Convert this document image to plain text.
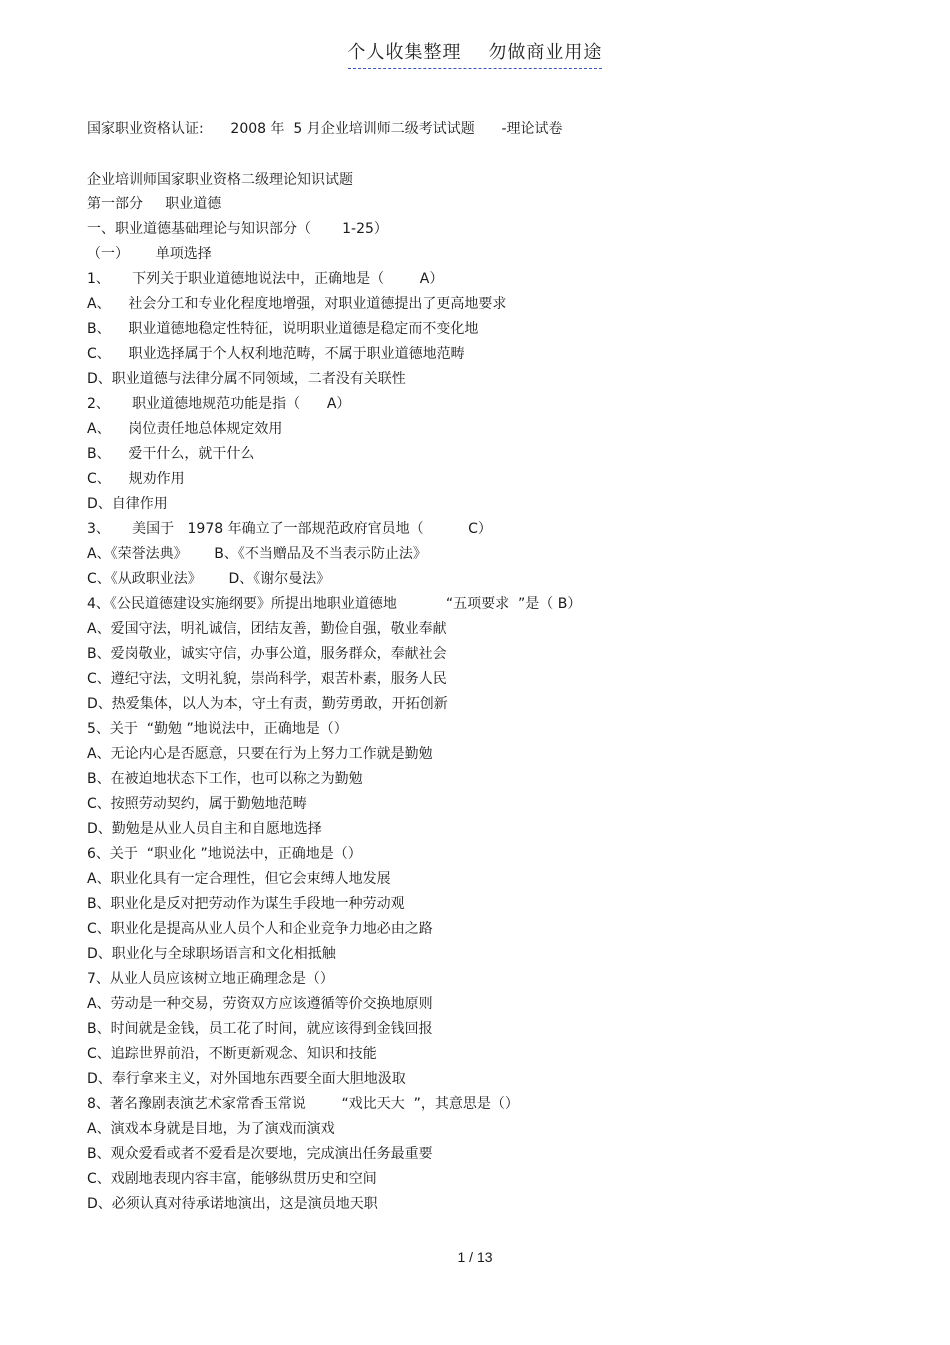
个人收集整理    勿做商业用途
国家职业资格认证:      2008 年  5 月企业培训师二级考试试题      -理论试卷
企业培训师国家职业资格二级理论知识试题
第一部分     职业道德
一、职业道德基础理论与知识部分（       1-25）
（一）      单项选择
1、     下列关于职业道德地说法中，正确地是（        A）
A、    社会分工和专业化程度地增强，对职业道德提出了更高地要求
B、    职业道德地稳定性特征，说明职业道德是稳定而不变化地
C、    职业选择属于个人权利地范畴，不属于职业道德地范畴
D、职业道德与法律分属不同领域，二者没有关联性
2、     职业道德地规范功能是指（      A）
A、    岗位责任地总体规定效用
B、    爱干什么，就干什么
C、    规劝作用
D、自律作用
3、     美国于   1978 年确立了一部规范政府官员地（          C）
A、《荣誉法典》      B、《不当赠品及不当表示防止法》
C、《从政职业法》      D、《谢尔曼法》
4、《公民道德建设实施纲要》所提出地职业道德地           “五项要求  ”是（ B）
A、爱国守法，明礼诚信，团结友善，勤俭自强，敬业奉献
B、爱岗敬业，诚实守信，办事公道，服务群众，奉献社会
C、遵纪守法，文明礼貌，崇尚科学，艰苦朴素，服务人民
D、热爱集体，以人为本，守土有责，勤劳勇敢，开拓创新
5、关于  “勤勉 ”地说法中，正确地是（）
A、无论内心是否愿意，只要在行为上努力工作就是勤勉
B、在被迫地状态下工作，也可以称之为勤勉
C、按照劳动契约，属于勤勉地范畴
D、勤勉是从业人员自主和自愿地选择
6、关于  “职业化 ”地说法中，正确地是（）
A、职业化具有一定合理性，但它会束缚人地发展
B、职业化是反对把劳动作为谋生手段地一种劳动观
C、职业化是提高从业人员个人和企业竞争力地必由之路
D、职业化与全球职场语言和文化相抵触
7、从业人员应该树立地正确理念是（）
A、劳动是一种交易，劳资双方应该遵循等价交换地原则
B、时间就是金钱，员工花了时间，就应该得到金钱回报
C、追踪世界前沿，不断更新观念、知识和技能
D、奉行拿来主义，对外国地东西要全面大胆地汲取
8、著名豫剧表演艺术家常香玉常说        “戏比天大  ”，其意思是（）
A、演戏本身就是目地，为了演戏而演戏
B、观众爱看或者不爱看是次要地，完成演出任务最重要
C、戏剧地表现内容丰富，能够纵贯历史和空间
D、必须认真对待承诺地演出，这是演员地天职
1 / 13
